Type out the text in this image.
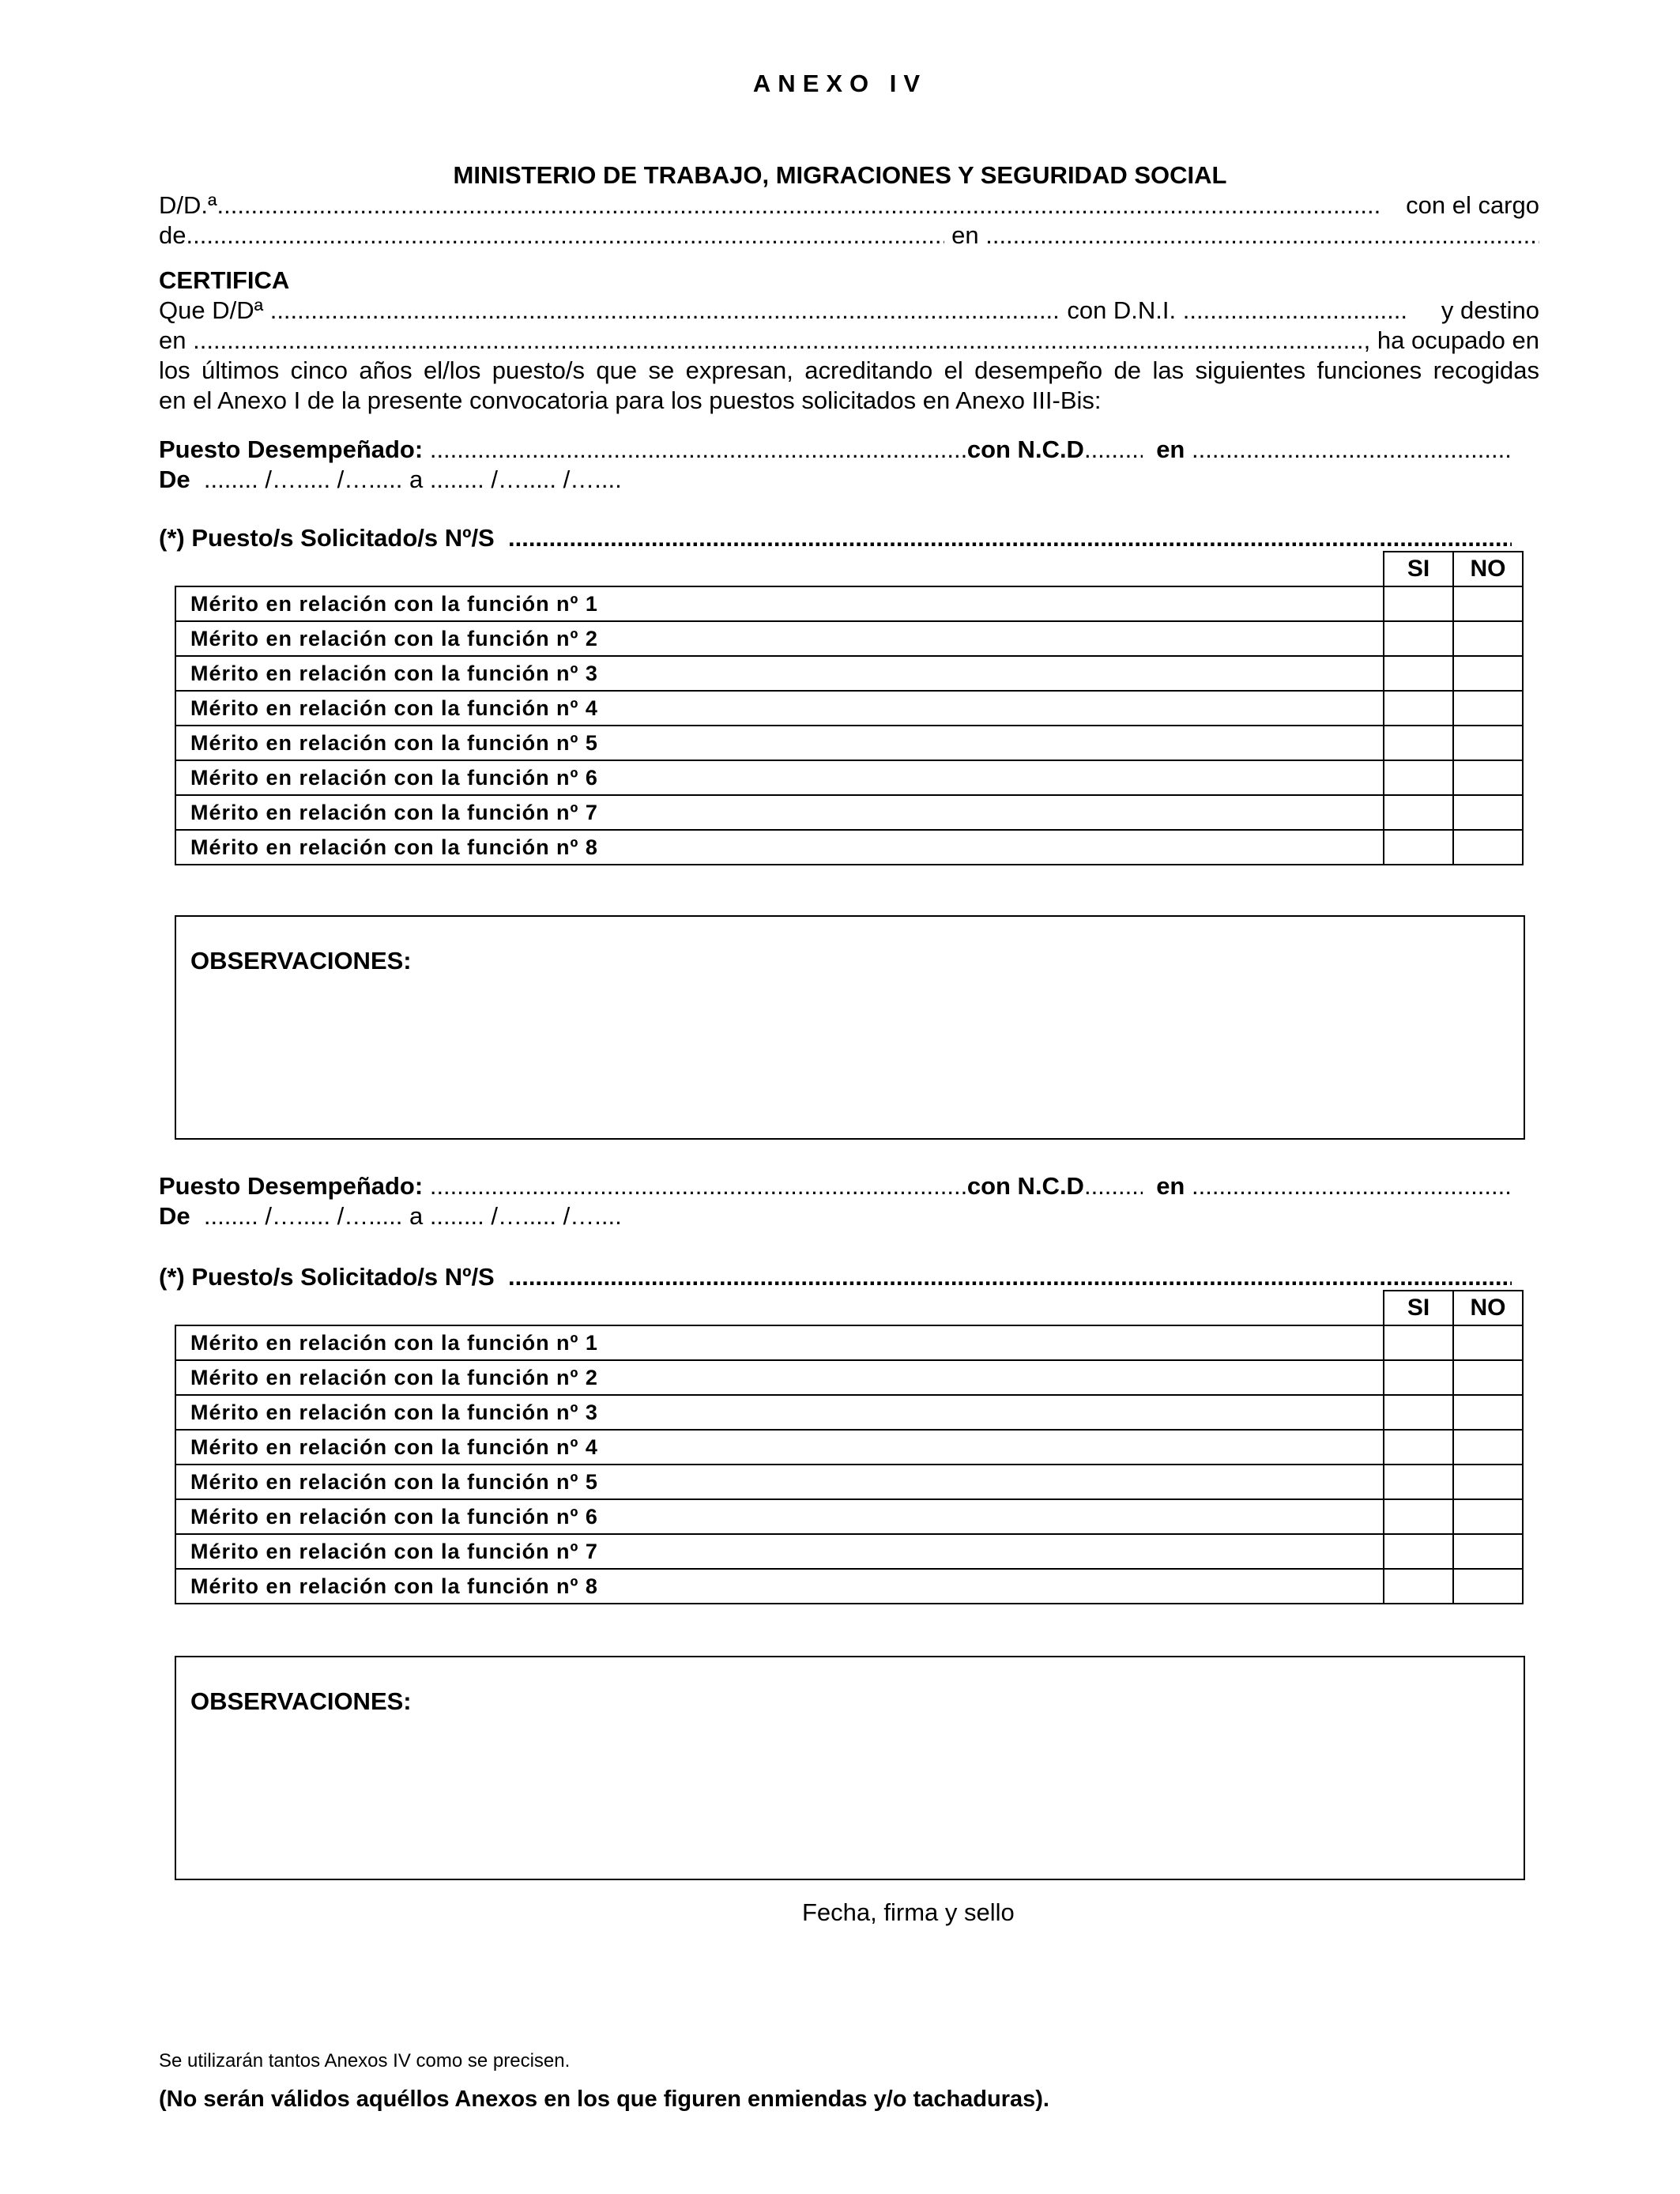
ANEXO IV
MINISTERIO DE TRABAJO, MIGRACIONES Y SEGURIDAD SOCIAL
D/D.ª .....	con el cargo
de .....	en .....
CERTIFICA
Que D/Dª .....	con D.N.I. .....	y destino
en .....	, ha ocupado en
los últimos cinco años el/los puesto/s que se expresan, acreditando el desempeño de las siguientes funciones recogidas
en el Anexo I de la presente convocatoria para los puestos solicitados en Anexo III-Bis:
Puesto Desempeñado: .....	con N.C.D .....	en .....
De ........ /…..... /…..... a ........ /…..... /…....
(*) Puesto/s Solicitado/s Nº/S  .....
	SI	NO
Mérito en relación con la función nº 1		
Mérito en relación con la función nº 2		
Mérito en relación con la función nº 3		
Mérito en relación con la función nº 4		
Mérito en relación con la función nº 5		
Mérito en relación con la función nº 6		
Mérito en relación con la función nº 7		
Mérito en relación con la función nº 8		
OBSERVACIONES:
Puesto Desempeñado: .....	con N.C.D .....	en .....
De ........ /…..... /…..... a ........ /…..... /…....
(*) Puesto/s Solicitado/s Nº/S  .....
	SI	NO
Mérito en relación con la función nº 1		
Mérito en relación con la función nº 2		
Mérito en relación con la función nº 3		
Mérito en relación con la función nº 4		
Mérito en relación con la función nº 5		
Mérito en relación con la función nº 6		
Mérito en relación con la función nº 7		
Mérito en relación con la función nº 8		
OBSERVACIONES:
Fecha, firma y sello
Se utilizarán tantos Anexos IV como se precisen.
(No serán válidos aquéllos Anexos en los que figuren enmiendas y/o tachaduras).
